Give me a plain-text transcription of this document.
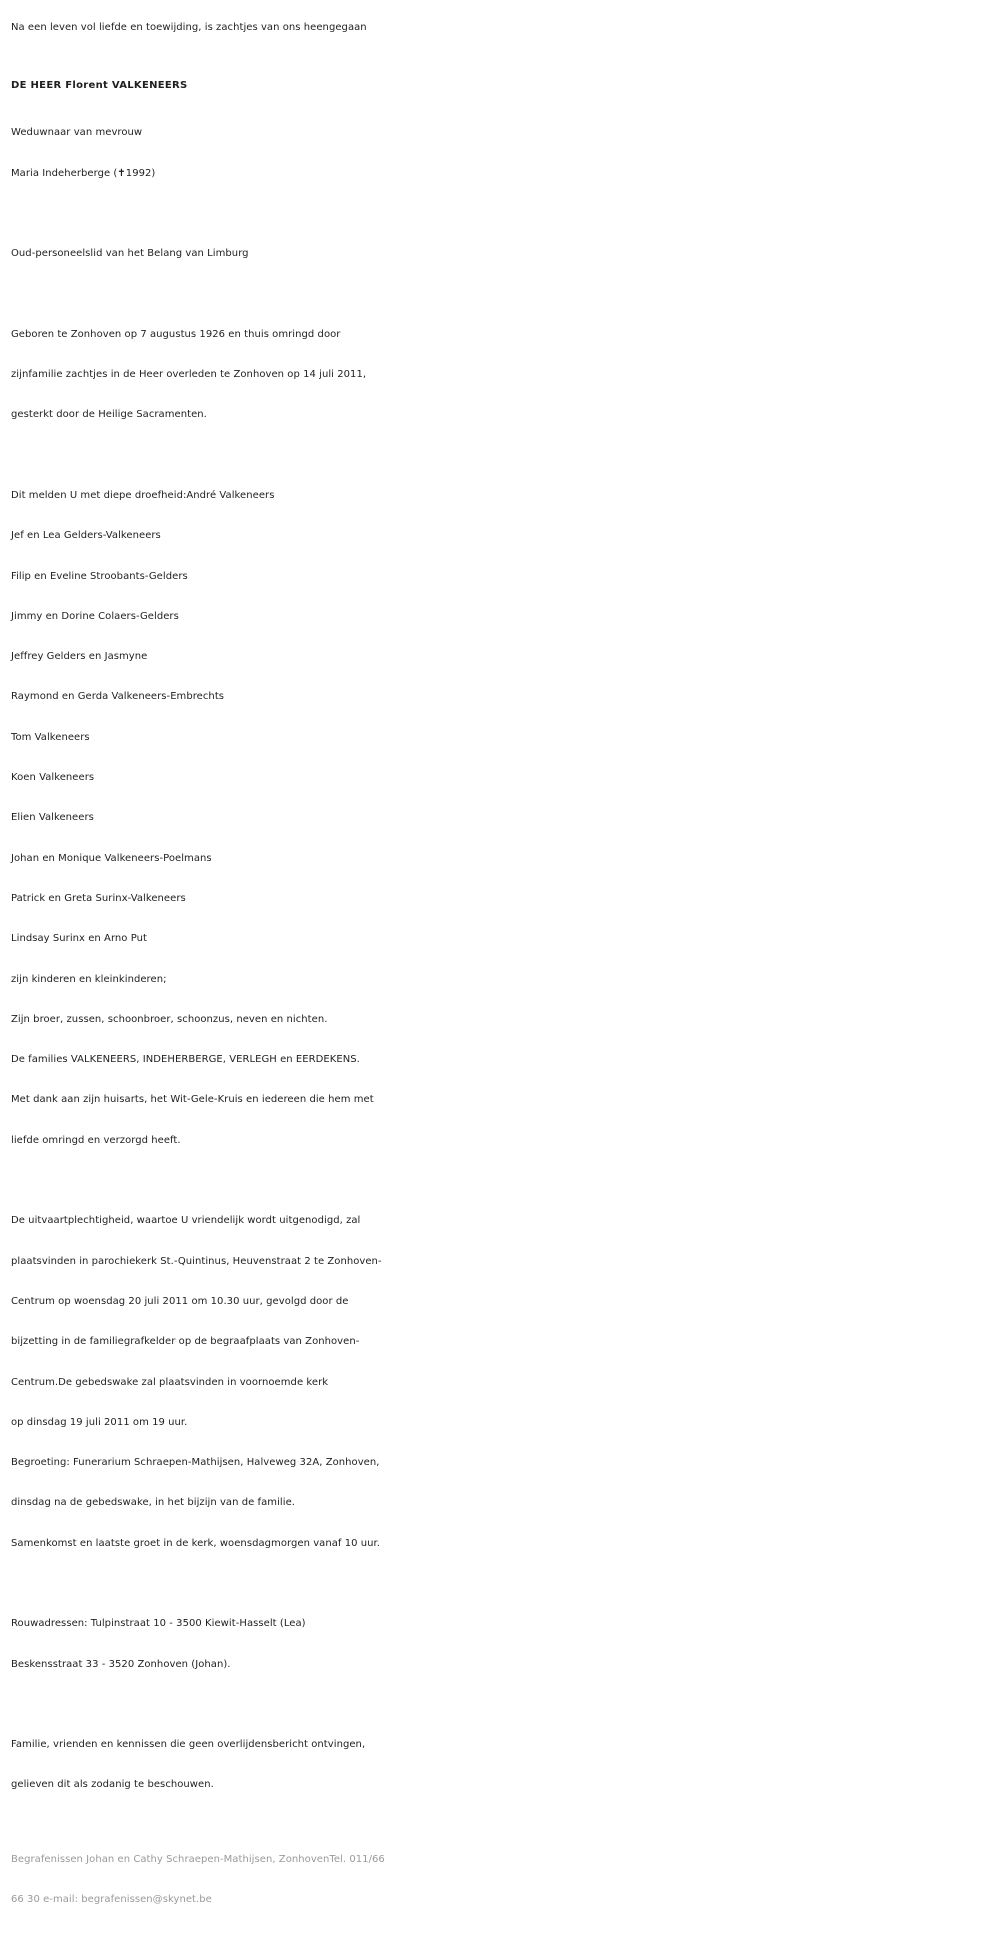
Na een leven vol liefde en toewijding, is zachtjes van ons heengegaan
DE HEER Florent VALKENEERS
Weduwnaar van mevrouw
Maria Indeherberge (✝1992)
Oud-personeelslid van het Belang van Limburg
Geboren te Zonhoven op 7 augustus 1926 en thuis omringd door
zijnfamilie zachtjes in de Heer overleden te Zonhoven op 14 juli 2011,
gesterkt door de Heilige Sacramenten.
Dit melden U met diepe droefheid:André Valkeneers
Jef en Lea Gelders-Valkeneers
Filip en Eveline Stroobants-Gelders
Jimmy en Dorine Colaers-Gelders
Jeffrey Gelders en Jasmyne
Raymond en Gerda Valkeneers-Embrechts
Tom Valkeneers
Koen Valkeneers
Elien Valkeneers
Johan en Monique Valkeneers-Poelmans
Patrick en Greta Surinx-Valkeneers
Lindsay Surinx en Arno Put
zijn kinderen en kleinkinderen;
Zijn broer, zussen, schoonbroer, schoonzus, neven en nichten.
De families VALKENEERS, INDEHERBERGE, VERLEGH en EERDEKENS.
Met dank aan zijn huisarts, het Wit-Gele-Kruis en iedereen die hem met
liefde omringd en verzorgd heeft.
De uitvaartplechtigheid, waartoe U vriendelijk wordt uitgenodigd, zal
plaatsvinden in parochiekerk St.-Quintinus, Heuvenstraat 2 te Zonhoven-
Centrum op woensdag 20 juli 2011 om 10.30 uur, gevolgd door de
bijzetting in de familiegrafkelder op de begraafplaats van Zonhoven-
Centrum.De gebedswake zal plaatsvinden in voornoemde kerk
op dinsdag 19 juli 2011 om 19 uur.
Begroeting: Funerarium Schraepen-Mathijsen, Halveweg 32A, Zonhoven,
dinsdag na de gebedswake, in het bijzijn van de familie.
Samenkomst en laatste groet in de kerk, woensdagmorgen vanaf 10 uur.
Rouwadressen: Tulpinstraat 10 - 3500 Kiewit-Hasselt (Lea)
Beskensstraat 33 - 3520 Zonhoven (Johan).
Familie, vrienden en kennissen die geen overlijdensbericht ontvingen,
gelieven dit als zodanig te beschouwen.
Begrafenissen Johan en Cathy Schraepen-Mathijsen, ZonhovenTel. 011/66
66 30 e-mail: begrafenissen@skynet.be
